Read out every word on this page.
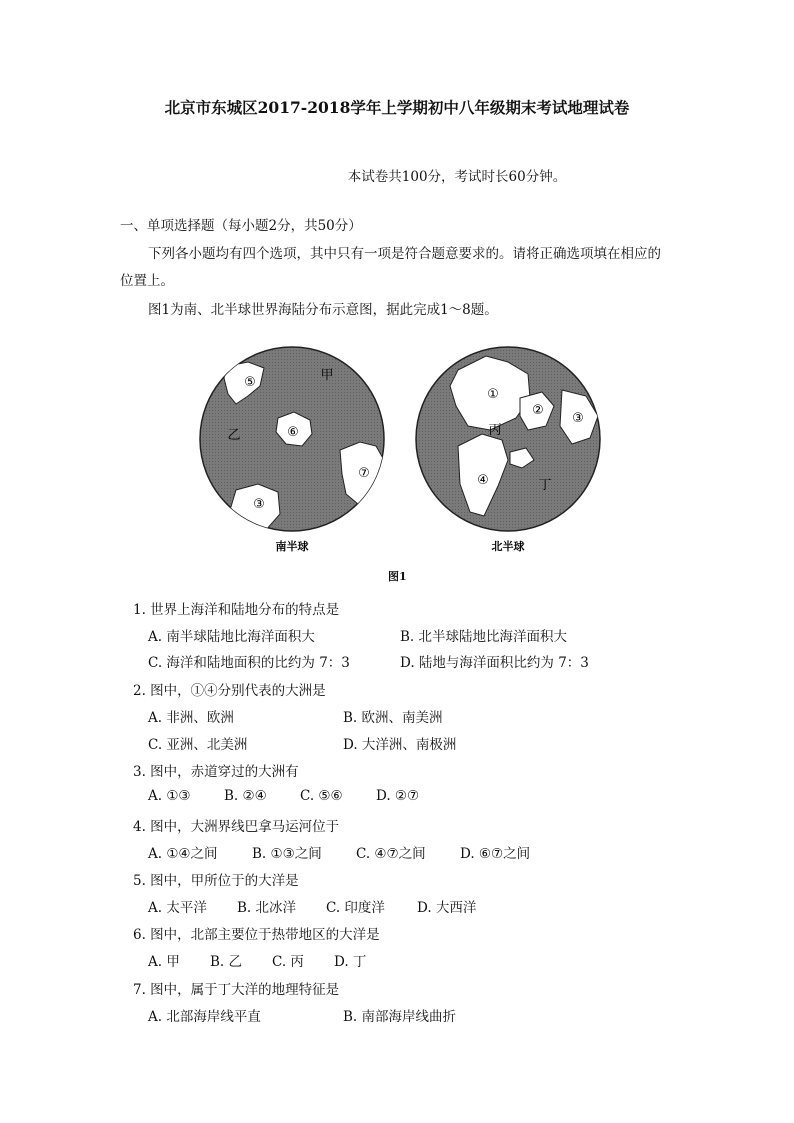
北京市东城区2017-2018学年上学期初中八年级期末考试地理试卷
本试卷共100分，考试时长60分钟。
一、单项选择题（每小题2分，共50分）
下列各小题均有四个选项，其中只有一项是符合题意要求的。请将正确选项填在相应的
位置上。
图1为南、北半球世界海陆分布示意图，据此完成1～8题。
⑤	甲
乙	⑥
⑦
③
①
②
③
丙
④	丁
南半球	北半球
图1
1. 世界上海洋和陆地分布的特点是
A. 南半球陆地比海洋面积大	B. 北半球陆地比海洋面积大
C. 海洋和陆地面积的比约为 7：3	D. 陆地与海洋面积比约为 7：3
2. 图中，①④分别代表的大洲是
A. 非洲、欧洲	B. 欧洲、南美洲
C. 亚洲、北美洲	D. 大洋洲、南极洲
3. 图中，赤道穿过的大洲有
A. ①③ B. ②④ C. ⑤⑥ D. ②⑦
4. 图中，大洲界线巴拿马运河位于
A. ①④之间	B. ①③之间	C. ④⑦之间	D. ⑥⑦之间
5. 图中，甲所位于的大洋是
A. 太平洋 B. 北冰洋 C. 印度洋 D. 大西洋
6. 图中，北部主要位于热带地区的大洋是
A. 甲 B. 乙 C. 丙 D. 丁
7. 图中，属于丁大洋的地理特征是
A. 北部海岸线平直	B. 南部海岸线曲折
